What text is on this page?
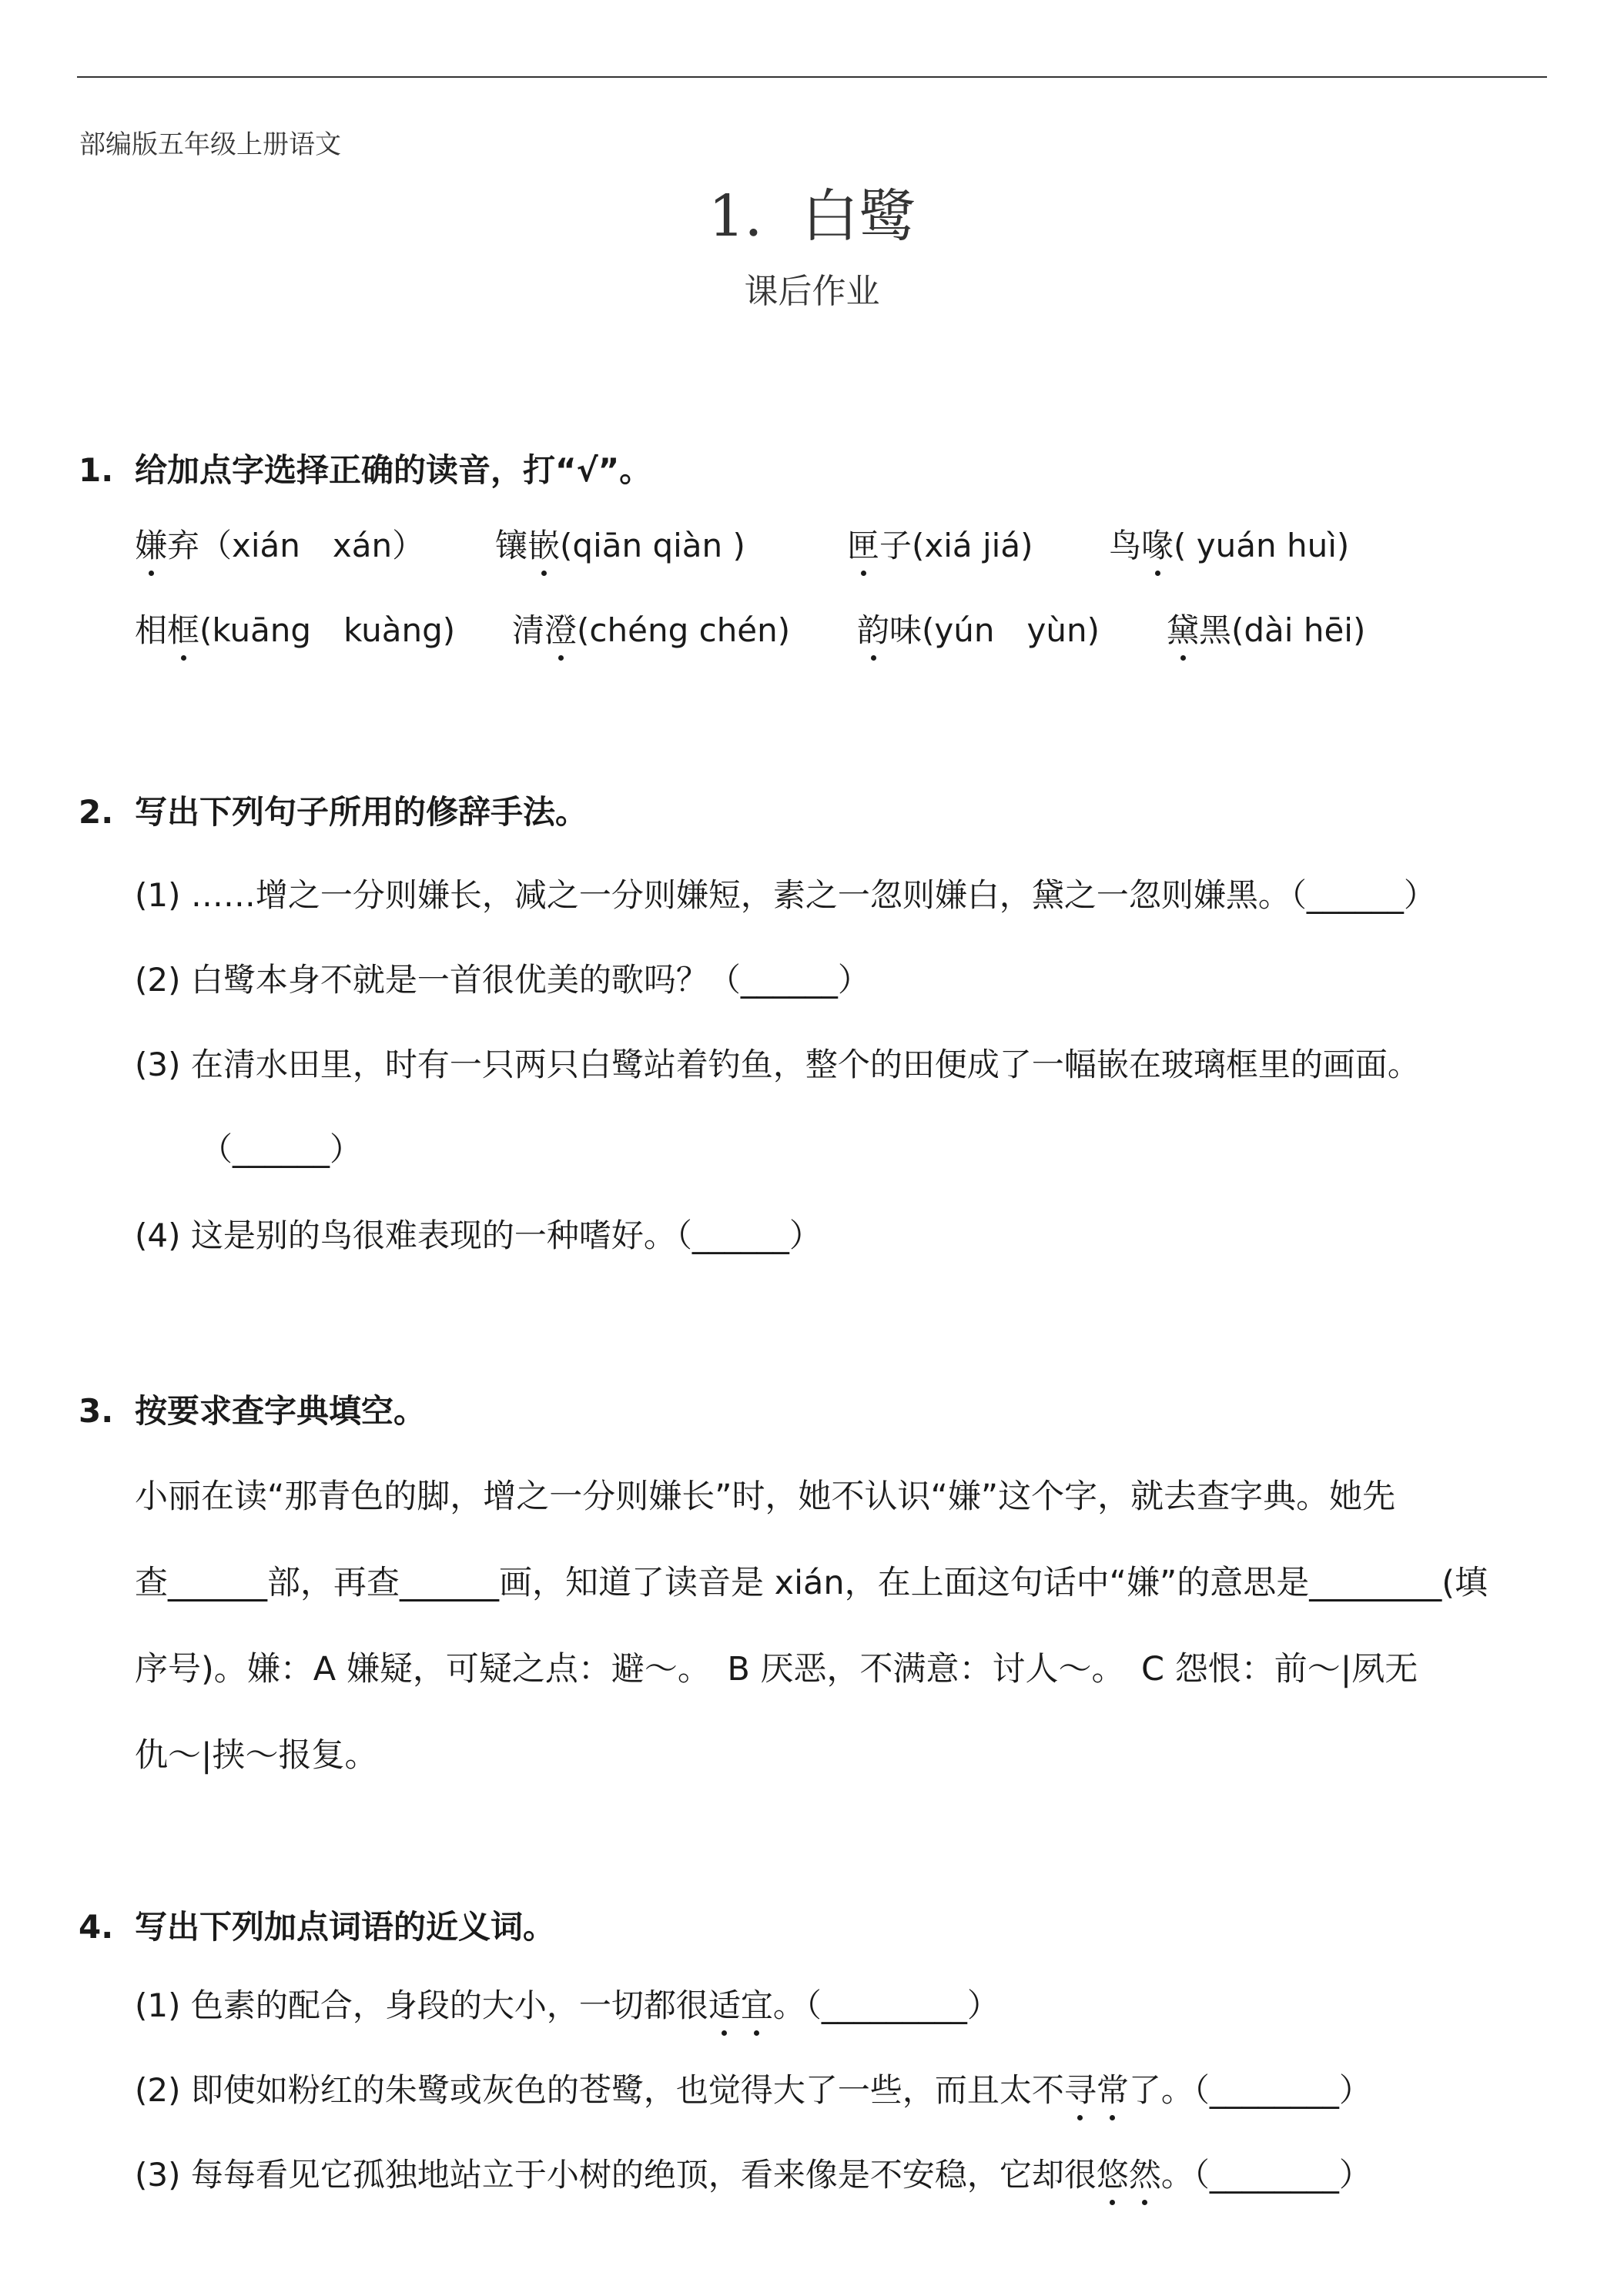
部编版五年级上册语文
1．白鹭
课后作业
1. 给加点字选择正确的读音，打“√”。
嫌弃（xián　xán） 镶嵌(qiān qiàn )	匣子(xiá jiá) 鸟喙( yuán huì)
相框(kuāng　kuàng) 清澄(chéng chén) 韵味(yún　yùn) 黛黑(dài hēi)
2. 写出下列句子所用的修辞手法。
(1) ……增之一分则嫌长，减之一分则嫌短，素之一忽则嫌白，黛之一忽则嫌黑。（______）
(2) 白鹭本身不就是一首很优美的歌吗？（______）
(3) 在清水田里，时有一只两只白鹭站着钓鱼，整个的田便成了一幅嵌在玻璃框里的画面。
（______）
(4) 这是别的鸟很难表现的一种嗜好。（______）
3. 按要求查字典填空。
小丽在读“那青色的脚，增之一分则嫌长”时，她不认识“嫌”这个字，就去查字典。她先
查______部，再查______画，知道了读音是 xián，在上面这句话中“嫌”的意思是________(填
序号)。嫌：A 嫌疑，可疑之点：避～。　B 厌恶，不满意：讨人～。　C 怨恨：前～|夙无
仇～|挟～报复。
4. 写出下列加点词语的近义词。
(1) 色素的配合，身段的大小，一切都很适宜。（_________）
(2) 即使如粉红的朱鹭或灰色的苍鹭，也觉得大了一些，而且太不寻常了。（________）
(3) 每每看见它孤独地站立于小树的绝顶，看来像是不安稳，它却很悠然。（________）
